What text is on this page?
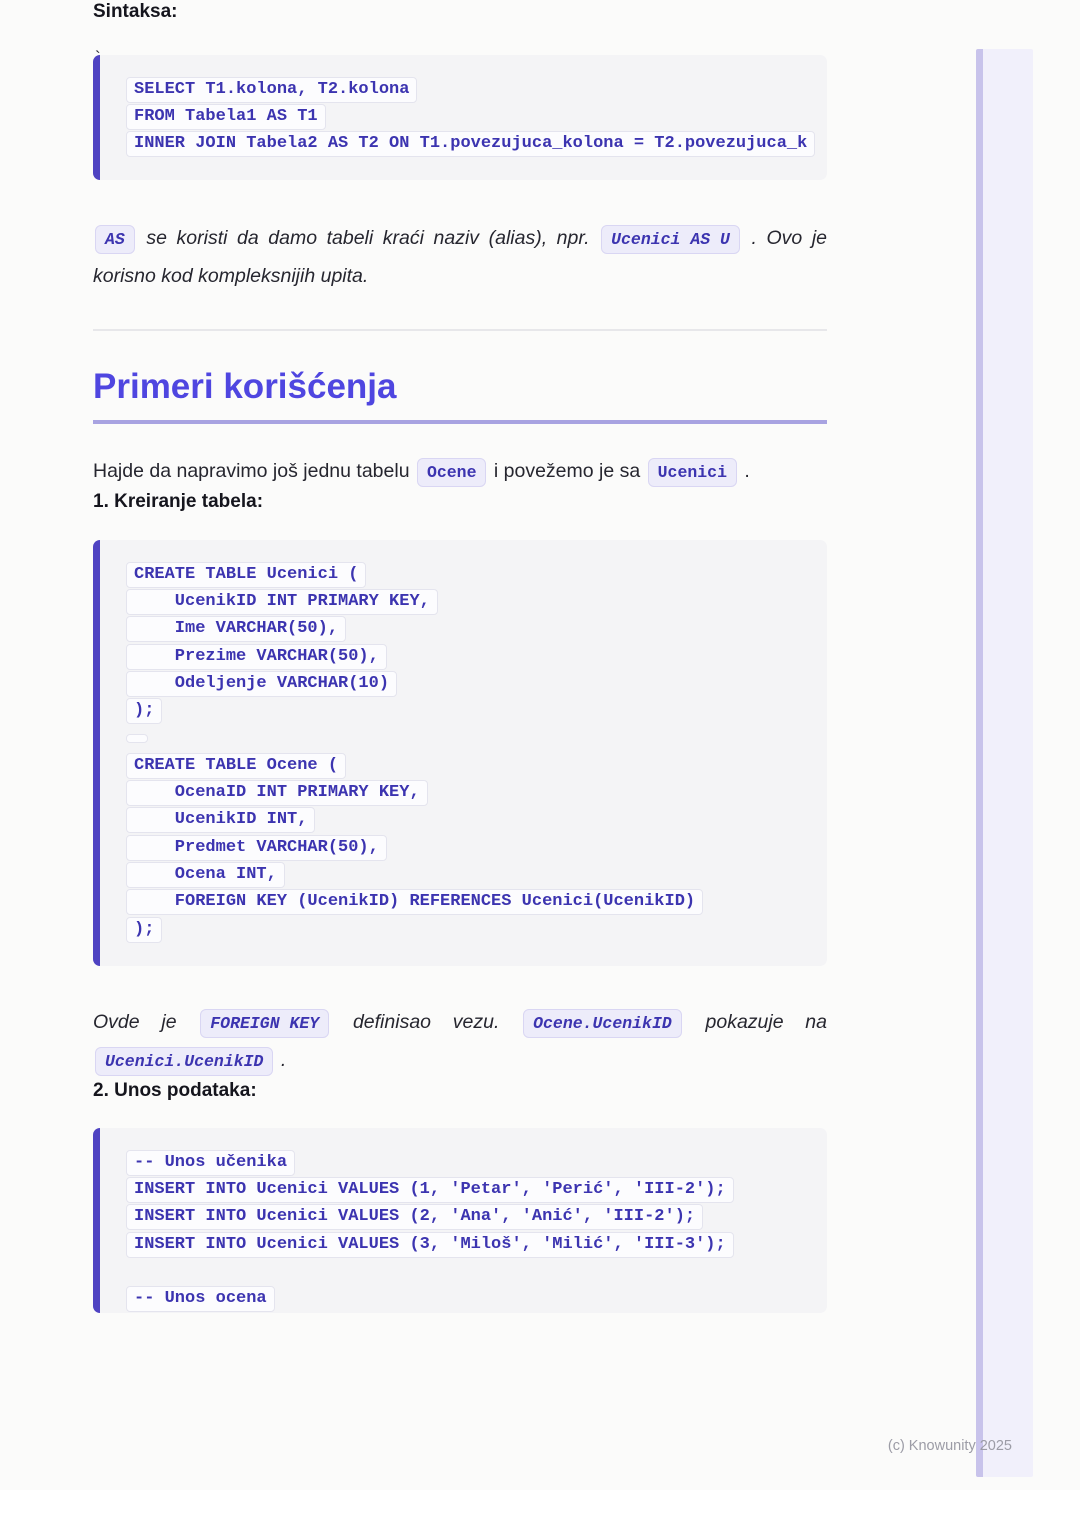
Sintaksa:
SELECT T1.kolona, T2.kolona
FROM Tabela1 AS T1
INNER JOIN Tabela2 AS T2 ON T1.povezujuca_kolona = T2.povezujuca_k

AS se koristi da damo tabeli kraći naziv (alias), npr. Ucenici AS U . Ovo je korisno kod kompleksnijih upita.

Primeri korišćenja

Hajde da napravimo još jednu tabelu Ocene i povežemo je sa Ucenici .

1. Kreiranje tabela:
CREATE TABLE Ucenici (
UcenikID INT PRIMARY KEY,
Ime VARCHAR(50),
Prezime VARCHAR(50),
Odeljenje VARCHAR(10)
);
CREATE TABLE Ocene (
OcenaID INT PRIMARY KEY,
UcenikID INT,
Predmet VARCHAR(50),
Ocena INT,
FOREIGN KEY (UcenikID) REFERENCES Ucenici(UcenikID)
);

Ovde je FOREIGN KEY definisao vezu. Ocene.UcenikID pokazuje na Ucenici.UcenikID .

2. Unos podataka:
-- Unos učenika
INSERT INTO Ucenici VALUES (1, 'Petar', 'Perić', 'III-2');
INSERT INTO Ucenici VALUES (2, 'Ana', 'Anić', 'III-2');
INSERT INTO Ucenici VALUES (3, 'Miloš', 'Milić', 'III-3');
-- Unos ocena
(c) Knowunity 2025
